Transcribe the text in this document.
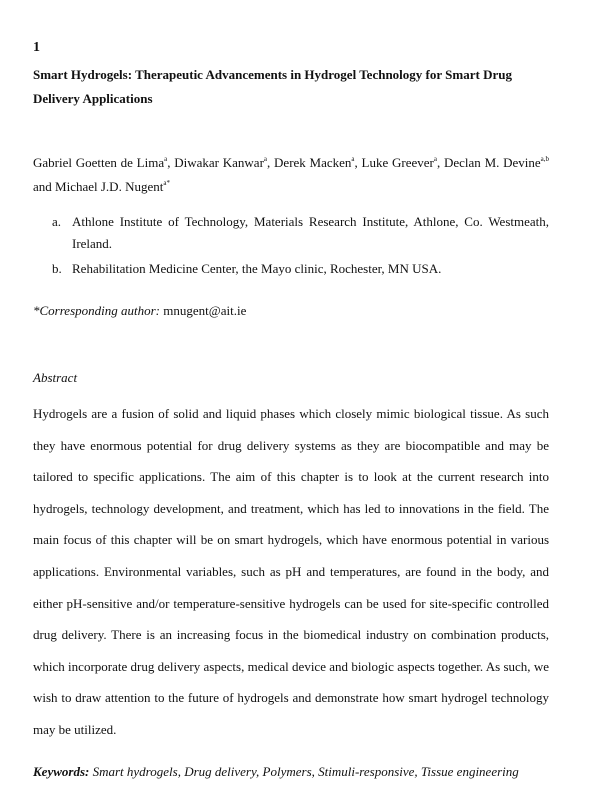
1
Smart Hydrogels: Therapeutic Advancements in Hydrogel Technology for Smart Drug Delivery Applications
Gabriel Goetten de Lima$^a$, Diwakar Kanwar$^a$, Derek Macken$^a$, Luke Greever$^a$, Declan M. Devine$^{a,b}$ and Michael J.D. Nugent$^{a*}$
a. Athlone Institute of Technology, Materials Research Institute, Athlone, Co. Westmeath, Ireland.
b. Rehabilitation Medicine Center, the Mayo clinic, Rochester, MN USA.
*Corresponding author: mnugent@ait.ie
Abstract

Hydrogels are a fusion of solid and liquid phases which closely mimic biological tissue. As such they have enormous potential for drug delivery systems as they are biocompatible and may be tailored to specific applications. The aim of this chapter is to look at the current research into hydrogels, technology development, and treatment, which has led to innovations in the field. The main focus of this chapter will be on smart hydrogels, which have enormous potential in various applications. Environmental variables, such as pH and temperatures, are found in the body, and either pH-sensitive and/or temperature-sensitive hydrogels can be used for site-specific controlled drug delivery. There is an increasing focus in the biomedical industry on combination products, which incorporate drug delivery aspects, medical device and biologic aspects together. As such, we wish to draw attention to the future of hydrogels and demonstrate how smart hydrogel technology may be utilized.

Keywords: Smart hydrogels, Drug delivery, Polymers, Stimuli-responsive, Tissue engineering
